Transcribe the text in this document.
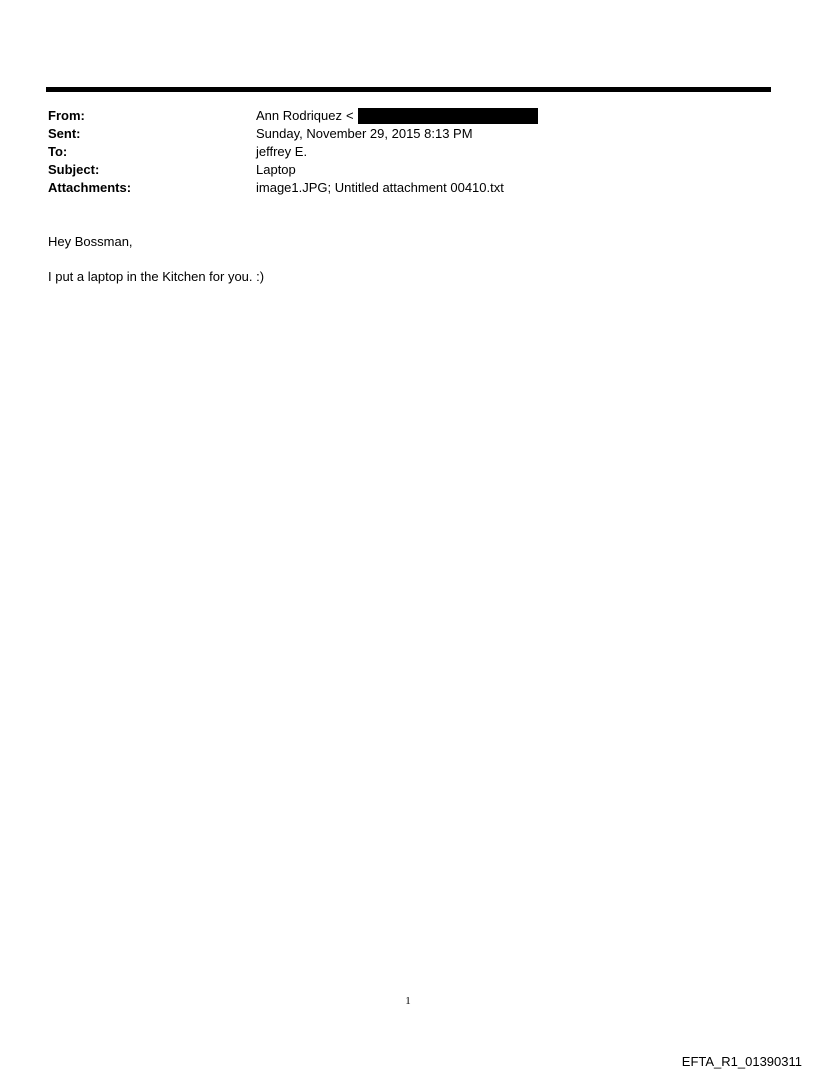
From:	Ann Rodriquez <
Sent:	Sunday, November 29, 2015 8:13 PM
To:	jeffrey E.
Subject:	Laptop
Attachments:	image1.JPG; Untitled attachment 00410.txt
Hey Bossman,
I put a laptop in the Kitchen for you. :)
1
EFTA_R1_01390311
